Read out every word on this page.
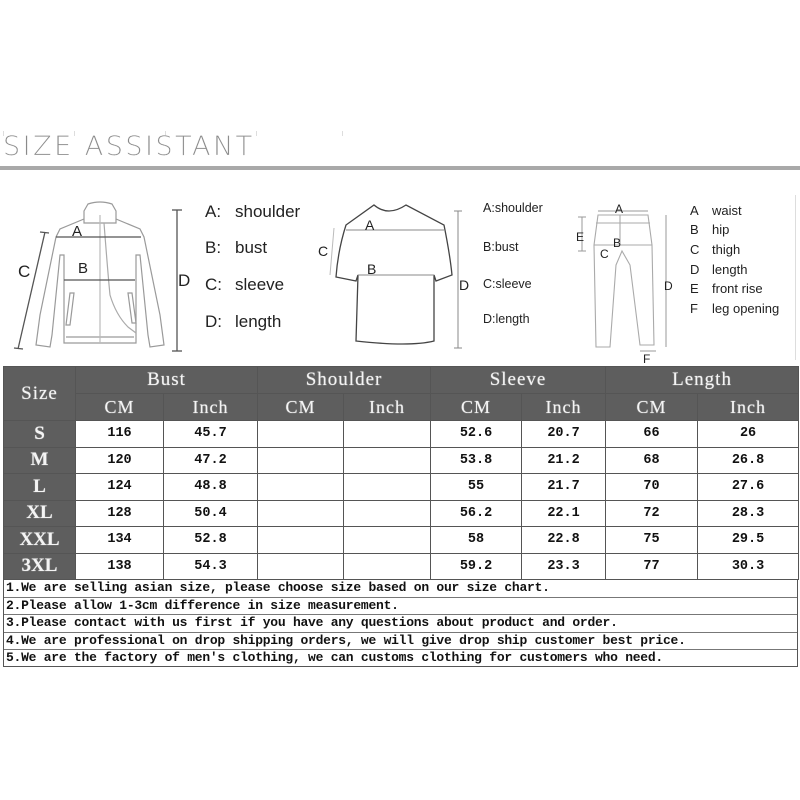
SIZE ASSISTANT
A
B
C	D
A: shoulder
B: bust
C: sleeve
D: length
A
B
C
D
A:shoulder
B:bust
C:sleeve
D:length
A
B
C
D
E
F
A waist
B hip
C thigh
D length
E front rise
F leg opening
Size	Bust		Shoulder		Sleeve		Length	
	CM	Inch	CM	Inch	CM	Inch	CM	Inch
S	116	45.7			52.6	20.7	66	26
M	120	47.2			53.8	21.2	68	26.8
L	124	48.8			55	21.7	70	27.6
XL	128	50.4			56.2	22.1	72	28.3
XXL	134	52.8			58	22.8	75	29.5
3XL	138	54.3			59.2	23.3	77	30.3
1.We are selling asian size, please choose size based on our size chart.
2.Please allow 1-3cm difference in size measurement.
3.Please contact with us first if you have any questions about product and order.
4.We are professional on drop shipping orders, we will give drop ship customer best price.
5.We are the factory of men's clothing, we can customs clothing for customers who need.
